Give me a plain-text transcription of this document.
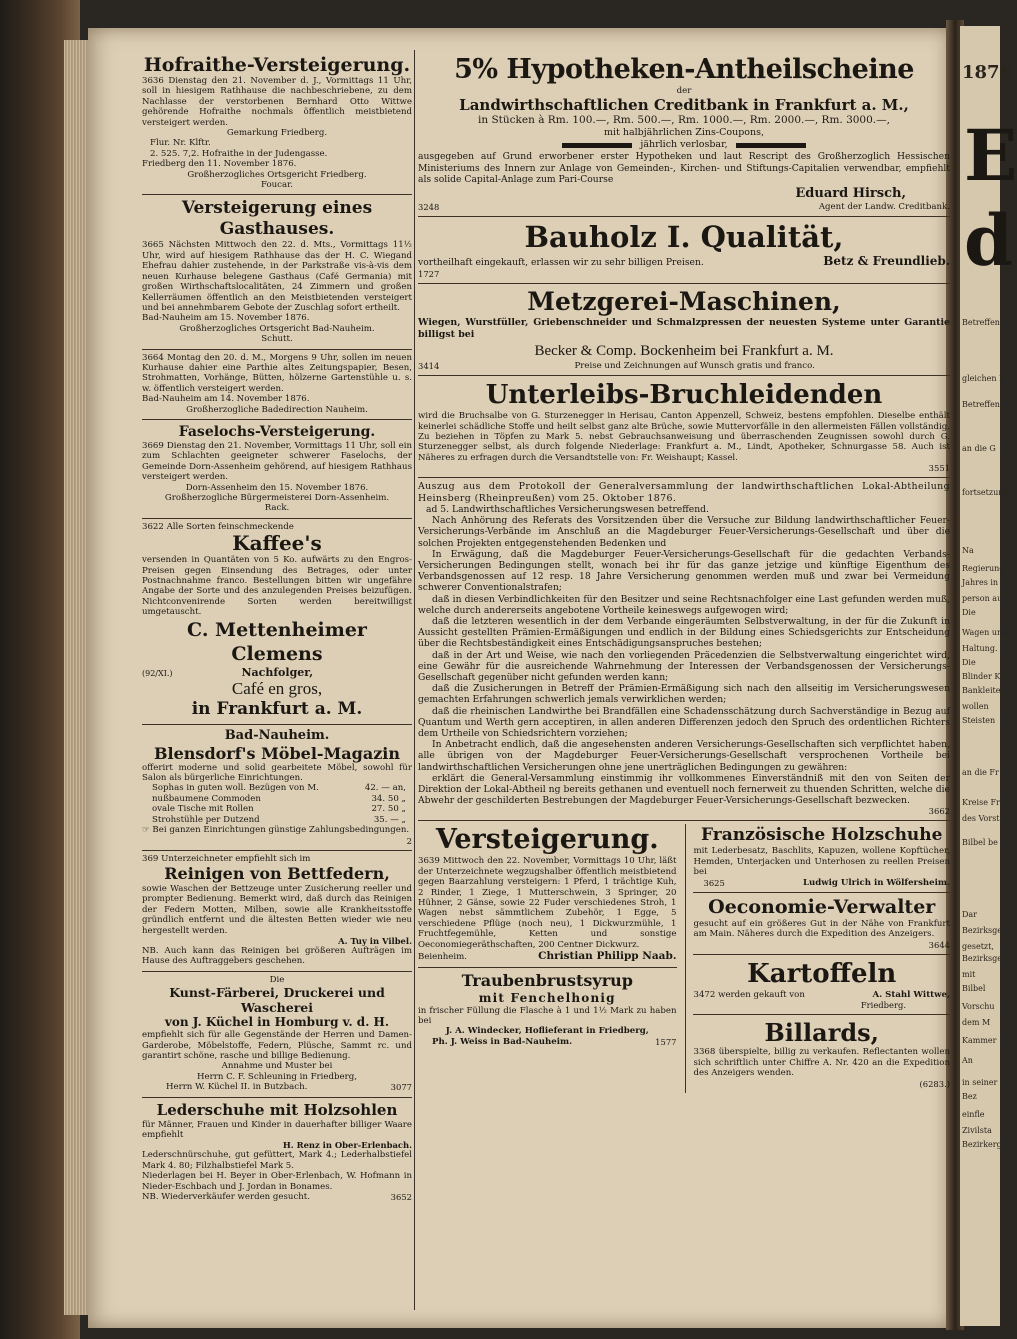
1876
E
d
Betreffen
gleichen K
Betreffen
an die G
fortsetzung
Na
Regierung
Jahres in
person auf
Die
Wagen und
Haltung.
Die
Blinder K
Bankleite
wollen
Steisten
an die Fr
Kreise Fr
des Vorst
Bilbel be
Dar
Bezirksger
gesetzt,
Bezirksger
mit
Bilbel
Vorschu
dem M
Kammer
An
in seiner
Bez
einfle
Zivilsta
Bezirkerg
Hofraithe-Versteigerung.
3636 Dienstag den 21. November d. J., Vormittags 11 Uhr, soll in hiesigem Rathhause die nachbeschriebene, zu dem Nachlasse der verstorbenen Bernhard Otto Wittwe gehörende Hofraithe nochmals öffentlich meistbietend versteigert werden.
Gemarkung Friedberg.
Flur. Nr. Klftr.
2. 525. 7,2. Hofraithe in der Judengasse.
Friedberg den 11. November 1876.
Großherzogliches Ortsgericht Friedberg.
Foucar.
Versteigerung eines Gasthauses.
3665 Nächsten Mittwoch den 22. d. Mts., Vormittags 11½ Uhr, wird auf hiesigem Rathhause das der H. C. Wiegand Ehefrau dahier zustehende, in der Parkstraße vis-à-vis dem neuen Kurhause belegene Gasthaus (Café Germania) mit großen Wirthschaftslocalitäten, 24 Zimmern und großen Kellerräumen öffentlich an den Meistbietenden versteigert und bei annehmbarem Gebote der Zuschlag sofort ertheilt.
Bad-Nauheim am 15. November 1876.
Großherzogliches Ortsgericht Bad-Nauheim.
Schutt.
3664 Montag den 20. d. M., Morgens 9 Uhr, sollen im neuen Kurhause dahier eine Parthie altes Zeitungspapier, Besen, Strohmatten, Vorhänge, Bütten, hölzerne Gartenstühle u. s. w. öffentlich versteigert werden.
Bad-Nauheim am 14. November 1876.
Großherzogliche Badedirection Nauheim.
Faselochs-Versteigerung.
3669 Dienstag den 21. November, Vormittags 11 Uhr, soll ein zum Schlachten geeigneter schwerer Faselochs, der Gemeinde Dorn-Assenheim gehörend, auf hiesigem Rathhaus versteigert werden.
Dorn-Assenheim den 15. November 1876.
Großherzogliche Bürgermeisterei Dorn-Assenheim.
Rack.
3622 Alle Sorten feinschmeckende
Kaffee's
versenden in Quantäten von 5 Ko. aufwärts zu den Engros-Preisen gegen Einsendung des Betrages, oder unter Postnachnahme franco. Bestellungen bitten wir ungefähre Angabe der Sorte und des anzulegenden Preises beizufügen. Nichtconvenirende Sorten werden bereitwilligst umgetauscht.
C. Mettenheimer Clemens
(92/XI.)	Nachfolger,
Café en gros,
in Frankfurt a. M.
Bad-Nauheim.
Blensdorf's Möbel-Magazin
offerirt moderne und solid gearbeitete Möbel, sowohl für Salon als bürgerliche Einrichtungen.
Sophas in guten woll. Bezügen von M.	42. — an,
nußbaumene Commoden	34. 50 „
ovale Tische mit Rollen	27. 50 „
Strohstühle per Dutzend	35. — „
☞ Bei ganzen Einrichtungen günstige Zahlungsbedingungen.
2
369 Unterzeichneter empfiehlt sich im
Reinigen von Bettfedern,
sowie Waschen der Bettzeuge unter Zusicherung reeller und prompter Bedienung. Bemerkt wird, daß durch das Reinigen der Federn Motten, Milben, sowie alle Krankheitsstoffe gründlich entfernt und die ältesten Betten wieder wie neu hergestellt werden.
A. Tuy in Vilbel.
NB. Auch kann das Reinigen bei größeren Aufträgen im Hause des Auftraggebers geschehen.
Die
Kunst-Färberei, Druckerei und Wascherei
von J. Küchel in Homburg v. d. H.
empfiehlt sich für alle Gegenstände der Herren und Damen-Garderobe, Möbelstoffe, Federn, Plüsche, Sammt rc. und garantirt schöne, rasche und billige Bedienung.
Annahme und Muster bei
Herrn C. F. Schleuning in Friedberg,
Herrn W. Küchel II. in Butzbach.	3077
Lederschuhe mit Holzsohlen
für Männer, Frauen und Kinder in dauerhafter billiger Waare empfiehlt
H. Renz in Ober-Erlenbach.
Lederschnürschuhe, gut gefüttert, Mark 4.; Lederhalbstiefel Mark 4. 80; Filzhalbstiefel Mark 5.
Niederlagen bei H. Beyer in Ober-Erlenbach, W. Hofmann in Nieder-Eschbach und J. Jordan in Bonames.
NB. Wiederverkäufer werden gesucht.	3652
5% Hypotheken-Antheilscheine
der
Landwirthschaftlichen Creditbank in Frankfurt a. M.,
in Stücken à Rm. 100.—, Rm. 500.—, Rm. 1000.—, Rm. 2000.—, Rm. 3000.—,
mit halbjährlichen Zins-Coupons,
jährlich verlosbar,
ausgegeben auf Grund erworbener erster Hypotheken und laut Rescript des Großherzoglich Hessischen Ministeriums des Innern zur Anlage von Gemeinden-, Kirchen- und Stiftungs-Capitalien verwendbar, empfiehlt als solide Capital-Anlage zum Pari-Course
Eduard Hirsch,
3248	Agent der Landw. Creditbank.
Bauholz I. Qualität,
vortheilhaft eingekauft, erlassen wir zu sehr billigen Preisen.	Betz & Freundlieb.
1727
Metzgerei-Maschinen,
Wiegen, Wurstfüller, Griebenschneider und Schmalzpressen der neuesten Systeme unter Garantie billigst bei
Becker & Comp. Bockenheim bei Frankfurt a. M.
3414	Preise und Zeichnungen auf Wunsch gratis und franco.
Unterleibs-Bruchleidenden
wird die Bruchsalbe von G. Sturzenegger in Herisau, Canton Appenzell, Schweiz, bestens empfohlen. Dieselbe enthält keinerlei schädliche Stoffe und heilt selbst ganz alte Brüche, sowie Muttervorfälle in den allermeisten Fällen vollständig. Zu beziehen in Töpfen zu Mark 5. nebst Gebrauchsanweisung und überraschenden Zeugnissen sowohl durch G. Sturzenegger selbst, als durch folgende Niederlage: Frankfurt a. M., Lindt, Apotheker, Schnurgasse 58. Auch ist Näheres zu erfragen durch die Versandtstelle von: Fr. Weishaupt; Kassel.
3551
Auszug aus dem Protokoll der Generalversammlung der landwirthschaftlichen Lokal-Abtheilung Heinsberg (Rheinpreußen) vom 25. Oktober 1876.
ad 5. Landwirthschaftliches Versicherungswesen betreffend.
Nach Anhörung des Referats des Vorsitzenden über die Versuche zur Bildung landwirthschaftlicher Feuer-Versicherungs-Verbände im Anschluß an die Magdeburger Feuer-Versicherungs-Gesellschaft und über die solchen Projekten entgegenstehenden Bedenken und
In Erwägung, daß die Magdeburger Feuer-Versicherungs-Gesellschaft für die gedachten Verbands-Versicherungen Bedingungen stellt, wonach bei ihr für das ganze jetzige und künftige Eigenthum des Verbandsgenossen auf 12 resp. 18 Jahre Versicherung genommen werden muß und zwar bei Vermeidung schwerer Conventionalstrafen;
daß in diesen Verbindlichkeiten für den Besitzer und seine Rechtsnachfolger eine Last gefunden werden muß, welche durch andererseits angebotene Vortheile keineswegs aufgewogen wird;
daß die letzteren wesentlich in der dem Verbande eingeräumten Selbstverwaltung, in der für die Zukunft in Aussicht gestellten Prämien-Ermäßigungen und endlich in der Bildung eines Schiedsgerichts zur Entscheidung über die Rechtsbeständigkeit eines Entschädigungsanspruches bestehen;
daß in der Art und Weise, wie nach den vorliegenden Präcedenzien die Selbstverwaltung eingerichtet wird, eine Gewähr für die ausreichende Wahrnehmung der Interessen der Verbandsgenossen der Versicherungs-Gesellschaft gegenüber nicht gefunden werden kann;
daß die Zusicherungen in Betreff der Prämien-Ermäßigung sich nach den allseitig im Versicherungswesen gemachten Erfahrungen schwerlich jemals verwirklichen werden;
daß die rheinischen Landwirthe bei Brandfällen eine Schadensschätzung durch Sachverständige in Bezug auf Quantum und Werth gern acceptiren, in allen anderen Differenzen jedoch den Spruch des ordentlichen Richters dem Urtheile von Schiedsrichtern vorziehen;
In Anbetracht endlich, daß die angesehensten anderen Versicherungs-Gesellschaften sich verpflichtet haben, alle übrigen von der Magdeburger Feuer-Versicherungs-Gesellschaft versprochenen Vortheile bei landwirthschaftlichen Versicherungen ohne jene unerträglichen Bedingungen zu gewähren:
erklärt die General-Versammlung einstimmig ihr vollkommenes Einverständniß mit den von Seiten der Direktion der Lokal-Abtheil ng bereits gethanen und eventuell noch fernerweit zu thuenden Schritten, welche die Abwehr der geschilderten Bestrebungen der Magdeburger Feuer-Versicherungs-Gesellschaft bezwecken.
3662
Versteigerung.
3639 Mittwoch den 22. November, Vormittags 10 Uhr, läßt der Unterzeichnete wegzugshalber öffentlich meistbietend gegen Baarzahlung versteigern: 1 Pferd, 1 trächtige Kuh, 2 Rinder, 1 Ziege, 1 Mutterschwein, 3 Springer, 20 Hühner, 2 Gänse, sowie 22 Fuder verschiedenes Stroh, 1 Wagen nebst sämmtlichem Zubehör, 1 Egge, 5 verschiedene Pflüge (noch neu), 1 Dickwurzmühle, 1 Fruchtfegemühle, Ketten und sonstige Oeconomiegeräthschaften, 200 Centner Dickwurz.
Beienheim.	Christian Philipp Naab.
Traubenbrustsyrup
mit Fenchelhonig
in frischer Füllung die Flasche à 1 und 1½ Mark zu haben bei
J. A. Windecker, Hoflieferant in Friedberg,
Ph. J. Weiss in Bad-Nauheim.	1577
Französische Holzschuhe
mit Lederbesatz, Baschlits, Kapuzen, wollene Kopftücher, Hemden, Unterjacken und Unterhosen zu reellen Preisen bei
3625	Ludwig Ulrich in Wölfersheim.
Oeconomie-Verwalter
gesucht auf ein größeres Gut in der Nähe von Frankfurt am Main. Näheres durch die Expedition des Anzeigers.
3644
Kartoffeln
3472 werden gekauft von	A. Stahl Wittwe,
Friedberg.
Billards,
3368 überspielte, billig zu verkaufen. Reflectanten wollen sich schriftlich unter Chiffre A. Nr. 420 an die Expedition des Anzeigers wenden.
(6283.)
